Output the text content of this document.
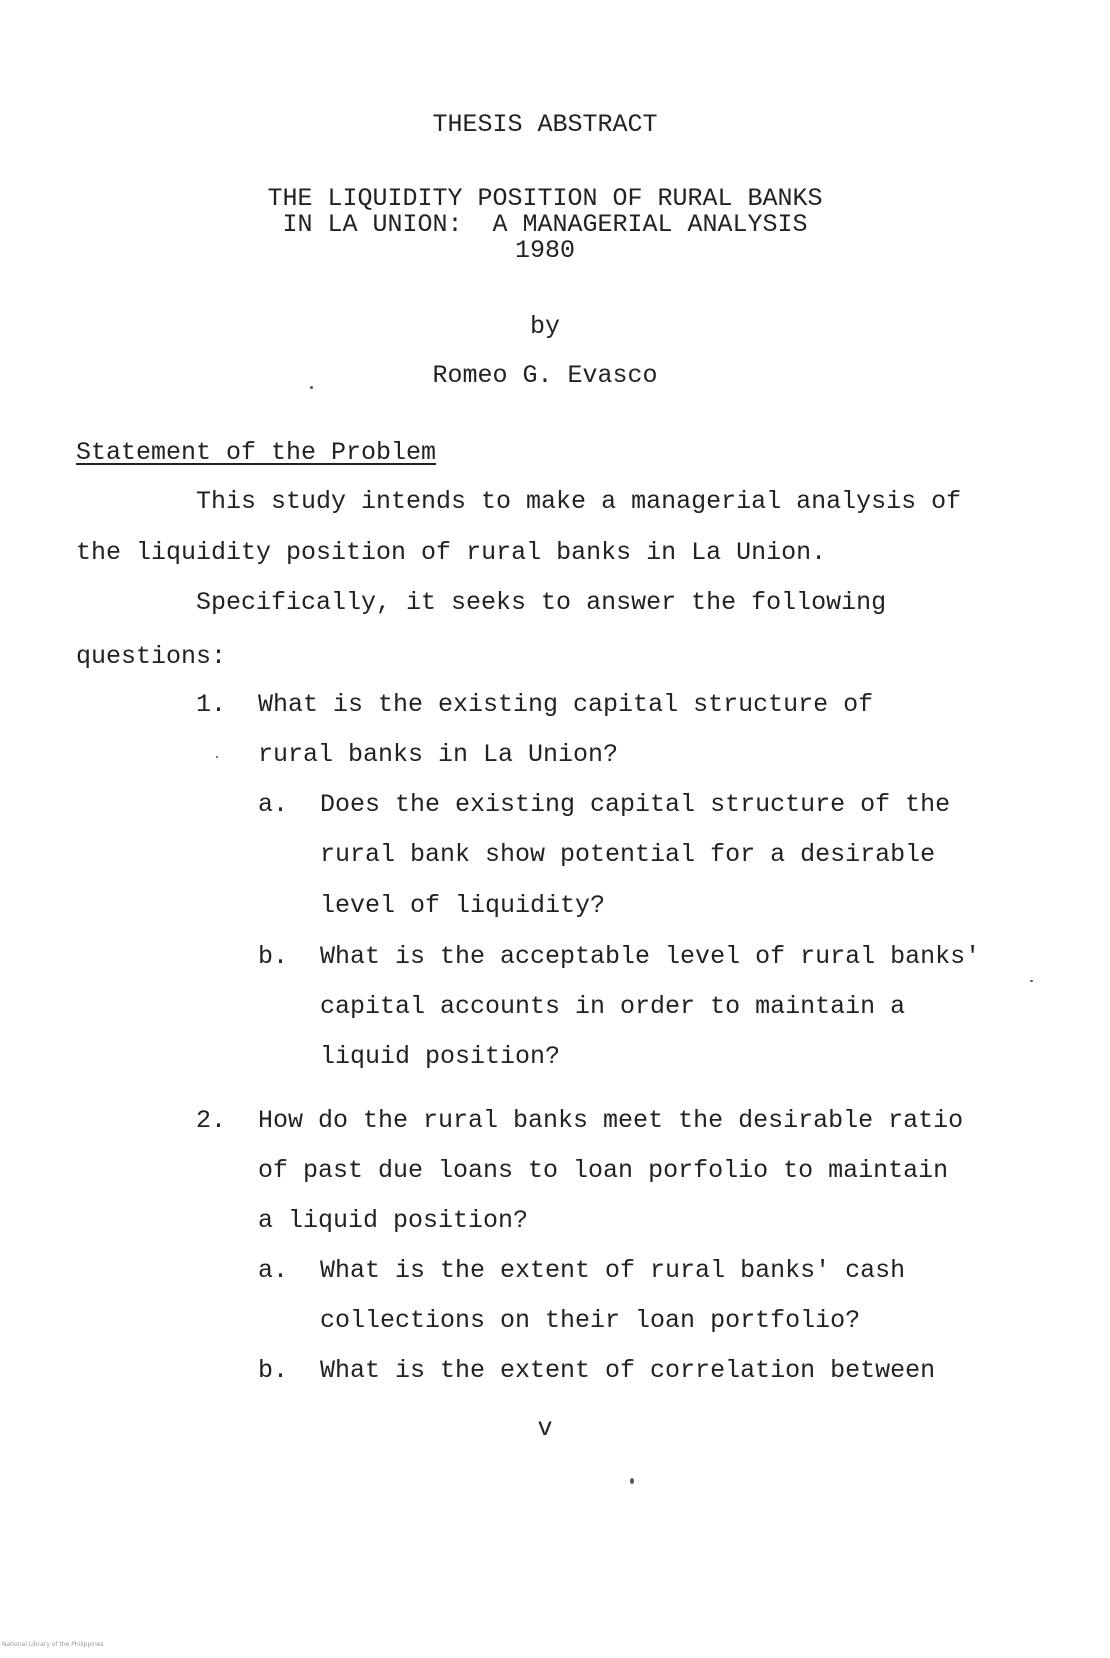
THESIS ABSTRACT
THE LIQUIDITY POSITION OF RURAL BANKS
IN LA UNION:  A MANAGERIAL ANALYSIS
1980
by
Romeo G. Evasco
Statement of the Problem
This study intends to make a managerial analysis of
the liquidity position of rural banks in La Union.
Specifically, it seeks to answer the following
questions:
1. What is the existing capital structure of
rural banks in La Union?
a. Does the existing capital structure of the
rural bank show potential for a desirable
level of liquidity?
b. What is the acceptable level of rural banks'
capital accounts in order to maintain a
liquid position?
2. How do the rural banks meet the desirable ratio
of past due loans to loan porfolio to maintain
a liquid position?
a. What is the extent of rural banks' cash
collections on their loan portfolio?
b. What is the extent of correlation between
v
National Library of the Philippines
